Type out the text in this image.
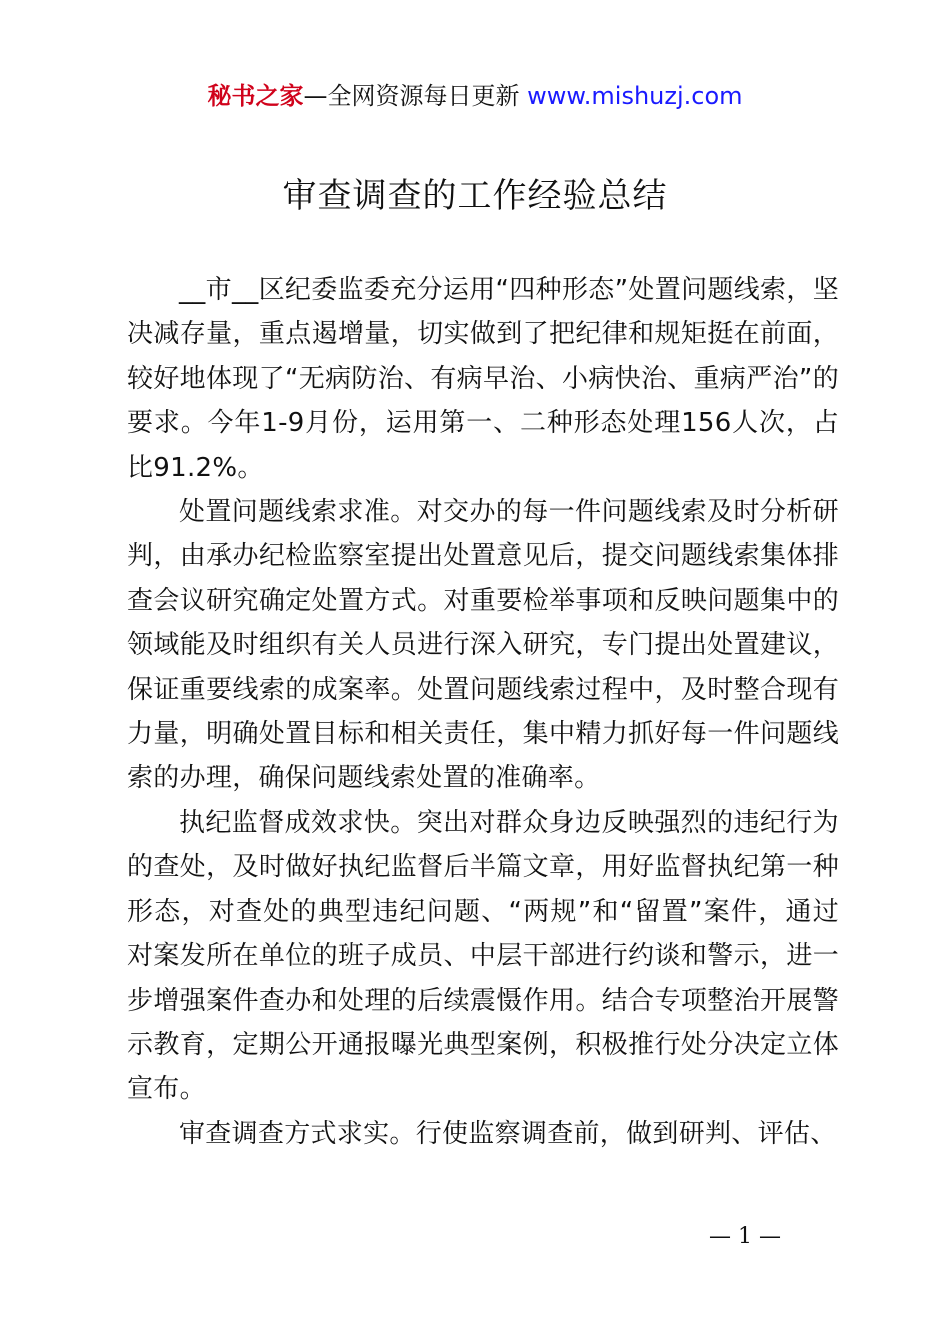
秘书之家—全网资源每日更新 www.mishuzj.com
审查调查的工作经验总结

__市__区纪委监委充分运用“四种形态”处置问题线索，坚决减存量，重点遏增量，切实做到了把纪律和规矩挺在前面，较好地体现了“无病防治、有病早治、小病快治、重病严治”的要求。今年1-9月份，运用第一、二种形态处理156人次，占比91.2%。

处置问题线索求准。对交办的每一件问题线索及时分析研判，由承办纪检监察室提出处置意见后，提交问题线索集体排查会议研究确定处置方式。对重要检举事项和反映问题集中的领域能及时组织有关人员进行深入研究，专门提出处置建议，保证重要线索的成案率。处置问题线索过程中，及时整合现有力量，明确处置目标和相关责任，集中精力抓好每一件问题线索的办理，确保问题线索处置的准确率。

执纪监督成效求快。突出对群众身边反映强烈的违纪行为的查处，及时做好执纪监督后半篇文章，用好监督执纪第一种形态，对查处的典型违纪问题、“两规”和“留置”案件，通过对案发所在单位的班子成员、中层干部进行约谈和警示，进一步增强案件查办和处理的后续震慑作用。结合专项整治开展警示教育，定期公开通报曝光典型案例，积极推行处分决定立体宣布。

审查调查方式求实。行使监察调查前，做到研判、评估、

— 1 —
